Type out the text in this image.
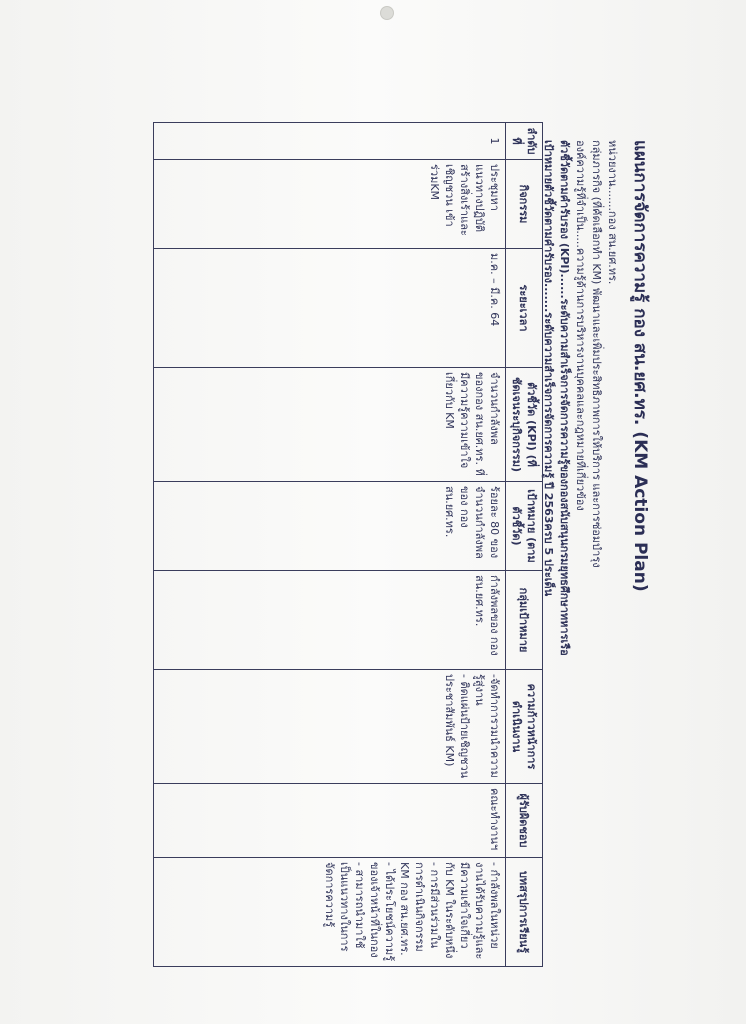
แผนการจัดการความรู้ กอง สน.ยศ.ทร. (KM Action Plan)
หน่วยงาน.......กอง สน.ยศ.ทร.
กลุ่มภารกิจ (ที่คัดเลือกทำ KM) พัฒนาและเพิ่มประสิทธิภาพการให้บริการ และการซ่อมบำรุง
องค์ความรู้ที่จำเป็น.....ความรู้ด้านการบริหารงานบุคคลและกฎหมายที่เกี่ยวข้อง
ตัวชี้วัดตามคำรับรอง (KPI)......ระดับความสำเร็จการจัดการความรู้ของกองสนับสนุนกรมยุทธศึกษาทหารเรือ
เป้าหมายตัวชี้วัดตามคำรับรอง.......ระดับความสำเร็จการจัดการความรู้ ปี 2563ครบ 5 ประเด็น
ลำดับที่	กิจกรรม	ระยะเวลา	ตัวชี้วัด (KPI) (ที่ชัดเจนระบุกิจกรรม)	เป้าหมาย (ตามตัวชี้วัด)	กลุ่มเป้าหมาย	ความก้าวหน้าการดำเนินงาน	ผู้รับผิดชอบ	บทสรุปการเรียนรู้
1	ประชุมหาแนวทางปฏิบัติสร้างสิ่งเร้าและเชิญชวน เข้าร่วมKM	ม.ค. – มี.ค. 64	จำนวนกำลังพลของกอง สน.ยศ.ทร. ที่มีความรู้ความเข้าใจเกี่ยวกับ KM	ร้อยละ 80 ของจำนวนกำลังพล ของ กองสน.ยศ.ทร.	กำลังพลของ กอง สน.ยศ.ทร.	-จัดทำการวมนำความรู้สู่งาน
- ติดแผ่นป้ายเชิญชวนประชาสัมพันธ์ KM)	คณะทำงานฯ	- กำลังพลในหน่วยงานได้รับความรู้และมีความเข้าใจเกี่ยวกับ KM ในระดับหนึ่ง
- การมีส่วนร่วมในการดำเนินกิจกรรม KM กอง สน.ยศ.ทร.
- ได้ประโยชน์ความรู้ของเจ้าหน้าที่ในกอง
- สามารถนำมาใช้เป็นแนวทางในการจัดการความรู้
